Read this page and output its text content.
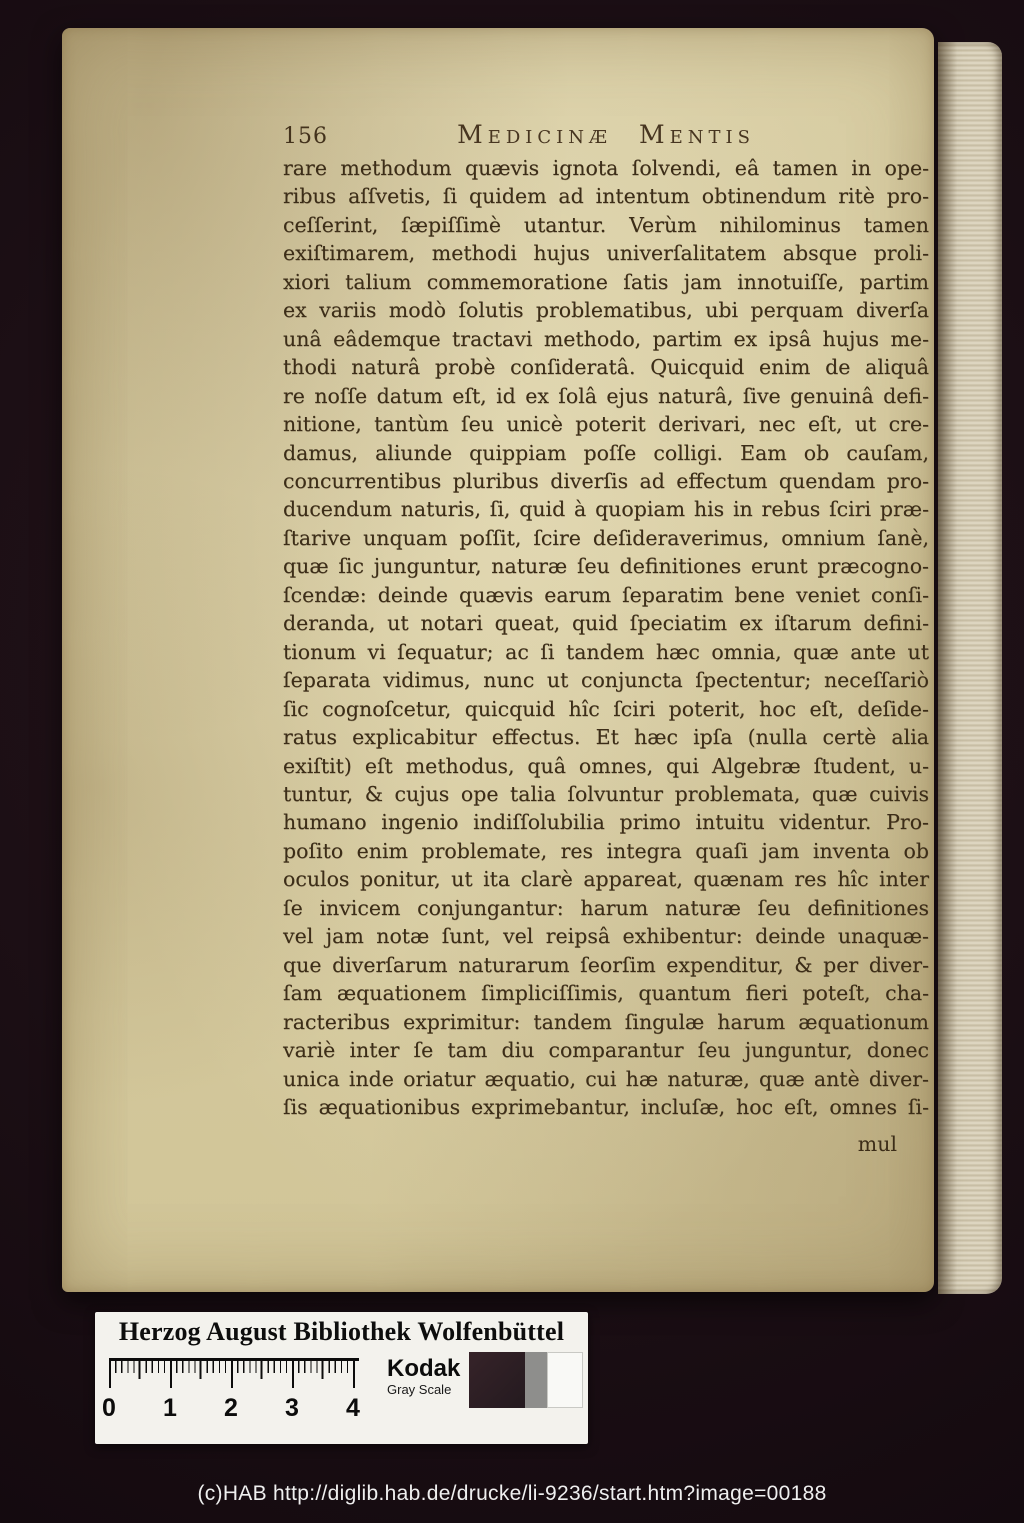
156	Medicinæ Mentis
rare methodum quævis ignota ſolvendi, eâ tamen in ope-
ribus aſſvetis, ſi quidem ad intentum obtinendum ritè pro-
ceſſerint, ſæpiſſimè utantur. Verùm nihilominus tamen
exiſtimarem, methodi hujus univerſalitatem absque proli-
xiori talium commemoratione ſatis jam innotuiſſe, partim
ex variis modò ſolutis problematibus, ubi perquam diverſa
unâ eâdemque tractavi methodo, partim ex ipsâ hujus me-
thodi naturâ probè conſideratâ. Quicquid enim de aliquâ
re noſſe datum eſt, id ex ſolâ ejus naturâ, ſive genuinâ defi-
nitione, tantùm ſeu unicè poterit derivari, nec eſt, ut cre-
damus, aliunde quippiam poſſe colligi. Eam ob cauſam,
concurrentibus pluribus diverſis ad effectum quendam pro-
ducendum naturis, ſi, quid à quopiam his in rebus ſciri præ-
ſtarive unquam poſſit, ſcire deſideraverimus, omnium ſanè,
quæ ſic junguntur, naturæ ſeu definitiones erunt præcogno-
ſcendæ: deinde quævis earum ſeparatim bene veniet conſi-
deranda, ut notari queat, quid ſpeciatim ex iſtarum defini-
tionum vi ſequatur; ac ſi tandem hæc omnia, quæ ante ut
ſeparata vidimus, nunc ut conjuncta ſpectentur; neceſſariò
ſic cognoſcetur, quicquid hîc ſciri poterit, hoc eſt, deſide-
ratus explicabitur effectus. Et hæc ipſa (nulla certè alia
exiſtit) eſt methodus, quâ omnes, qui Algebræ ſtudent, u-
tuntur, & cujus ope talia ſolvuntur problemata, quæ cuivis
humano ingenio indiſſolubilia primo intuitu videntur. Pro-
poſito enim problemate, res integra quaſi jam inventa ob
oculos ponitur, ut ita clarè appareat, quænam res hîc inter
ſe invicem conjungantur: harum naturæ ſeu definitiones
vel jam notæ ſunt, vel reipsâ exhibentur: deinde unaquæ-
que diverſarum naturarum ſeorſim expenditur, & per diver-
ſam æquationem ſimpliciſſimis, quantum fieri poteſt, cha-
racteribus exprimitur: tandem ſingulæ harum æquationum
variè inter ſe tam diu comparantur ſeu junguntur, donec
unica inde oriatur æquatio, cui hæ naturæ, quæ antè diver-
ſis æquationibus exprimebantur, incluſæ, hoc eſt, omnes ſi-
mul
Herzog August Bibliothek Wolfenbüttel
0 1 2 3 4
Kodak
Gray Scale
(c)HAB http://diglib.hab.de/drucke/li-9236/start.htm?image=00188
